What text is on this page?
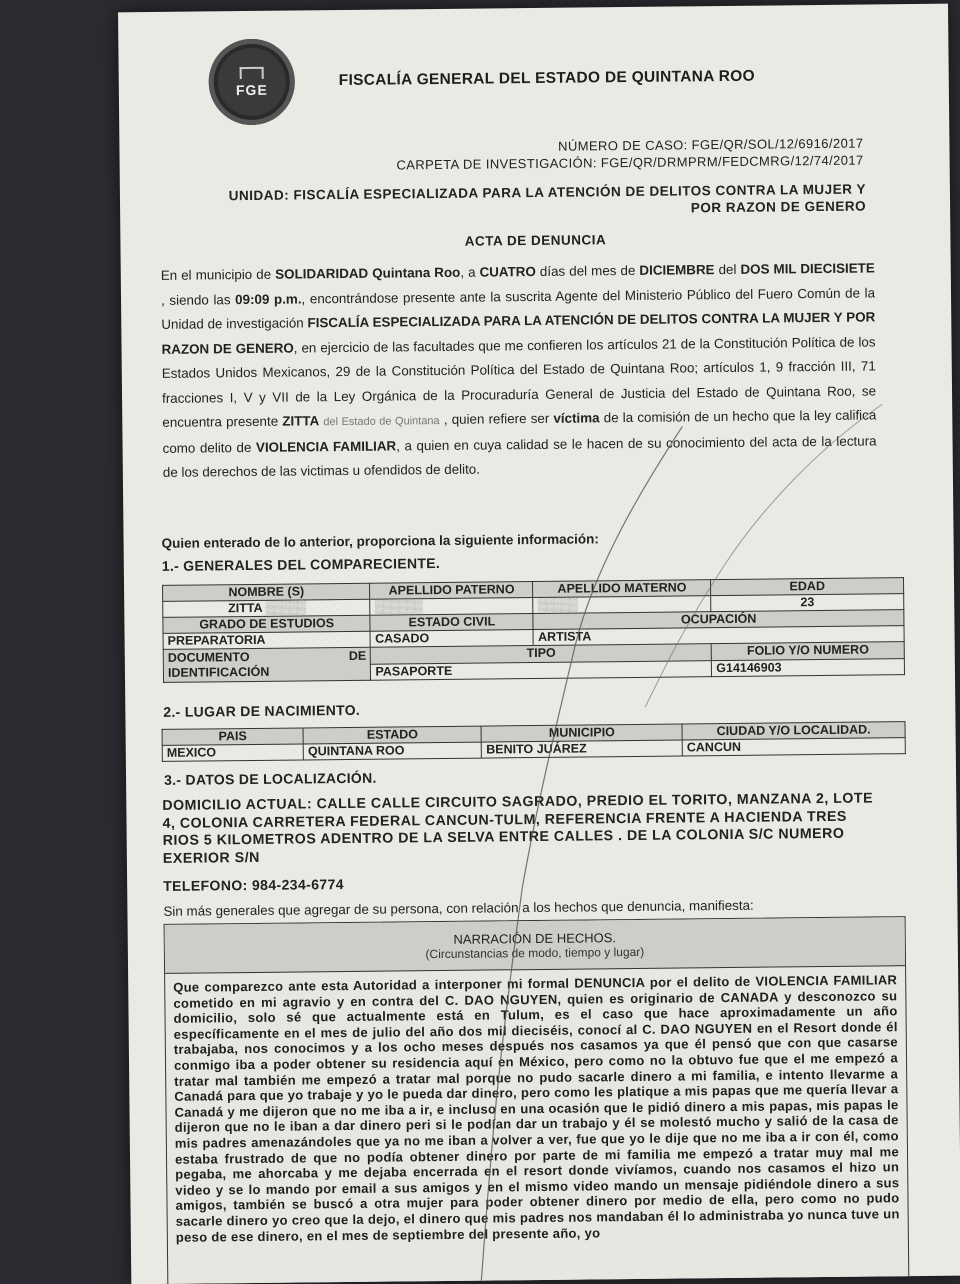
FGE
FISCALÍA GENERAL DEL ESTADO DE QUINTANA ROO
NÚMERO DE CASO: FGE/QR/SOL/12/6916/2017
CARPETA DE INVESTIGACIÓN: FGE/QR/DRMPRM/FEDCMRG/12/74/2017
UNIDAD: FISCALÍA ESPECIALIZADA PARA LA ATENCIÓN DE DELITOS CONTRA LA MUJER Y
POR RAZON DE GENERO
ACTA DE DENUNCIA
En el municipio de SOLIDARIDAD Quintana Roo, a CUATRO días del mes de DICIEMBRE del DOS MIL DIECISIETE , siendo las 09:09 p.m., encontrándose presente ante la suscrita Agente del Ministerio Público del Fuero Común de la Unidad de investigación FISCALÍA ESPECIALIZADA PARA LA ATENCIÓN DE DELITOS CONTRA LA MUJER Y POR RAZON DE GENERO, en ejercicio de las facultades que me confieren los artículos 21 de la Constitución Política de los Estados Unidos Mexicanos, 29 de la Constitución Política del Estado de Quintana Roo; artículos 1, 9 fracción III, 71 fracciones I, V y VII de la Ley Orgánica de la Procuraduría General de Justicia del Estado de Quintana Roo, se encuentra presente ZITTA del Estado de Quintana , quien refiere ser víctima de la comisión de un hecho que la ley califica como delito de VIOLENCIA FAMILIAR, a quien en cuya calidad se le hacen de su conocimiento del acta de la lectura de los derechos de las victimas u ofendidos de delito.
Quien enterado de lo anterior, proporciona la siguiente información:
1.- GENERALES DEL COMPARECIENTE.
NOMBRE (S)	APELLIDO PATERNO	APELLIDO MATERNO	EDAD
ZITTA ▒▒▒▒▒	▒▒▒▒▒▒	▒▒▒▒▒	23
GRADO DE ESTUDIOS	ESTADO CIVIL	OCUPACIÓN	
PREPARATORIA	CASADO	ARTISTA	

DOCUMENTO DE
IDENTIFICACIÓN	TIPO		FOLIO Y/O NUMERO
	PASAPORTE		G14146903
2.- LUGAR DE NACIMIENTO.
PAIS	ESTADO	MUNICIPIO	CIUDAD Y/O LOCALIDAD.
MEXICO	QUINTANA ROO	BENITO JUÁREZ	CANCUN
3.- DATOS DE LOCALIZACIÓN.
DOMICILIO ACTUAL: CALLE CALLE CIRCUITO SAGRADO, PREDIO EL TORITO, MANZANA 2, LOTE 4, COLONIA CARRETERA FEDERAL CANCUN-TULM, REFERENCIA FRENTE A HACIENDA TRES RIOS 5 KILOMETROS ADENTRO DE LA SELVA ENTRE CALLES . DE LA COLONIA S/C NUMERO EXERIOR S/N
TELEFONO: 984-234-6774
Sin más generales que agregar de su persona, con relación a los hechos que denuncia, manifiesta:
NARRACIÓN DE HECHOS.
(Circunstancias de modo, tiempo y lugar)
Que comparezco ante esta Autoridad a interponer mi formal DENUNCIA por el delito de VIOLENCIA FAMILIAR cometido en mi agravio y en contra del C. DAO NGUYEN, quien es originario de CANADA y desconozco su domicilio, solo sé que actualmente está en Tulum, es el caso que hace aproximadamente un año específicamente en el mes de julio del año dos mil dieciséis, conocí al C. DAO NGUYEN en el Resort donde él trabajaba, nos conocimos y a los ocho meses después nos casamos ya que él pensó que con que casarse conmigo iba a poder obtener su residencia aquí en México, pero como no la obtuvo fue que el me empezó a tratar mal también me empezó a tratar mal porque no pudo sacarle dinero a mi familia, e intento llevarme a Canadá para que yo trabaje y yo le pueda dar dinero, pero como les platique a mis papas que me quería llevar a Canadá y me dijeron que no me iba a ir, e incluso en una ocasión que le pidió dinero a mis papas, mis papas le dijeron que no le iban a dar dinero peri si le podían dar un trabajo y él se molestó mucho y salió de la casa de mis padres amenazándoles que ya no me iban a volver a ver, fue que yo le dije que no me iba a ir con él, como estaba frustrado de que no podía obtener dinero por parte de mi familia me empezó a tratar muy mal me pegaba, me ahorcaba y me dejaba encerrada en el resort donde vivíamos, cuando nos casamos el hizo un video y se lo mando por email a sus amigos y en el mismo video mando un mensaje pidiéndole dinero a sus amigos, también se buscó a otra mujer para poder obtener dinero por medio de ella, pero como no pudo sacarle dinero yo creo que la dejo, el dinero que mis padres nos mandaban él lo administraba yo nunca tuve un peso de ese dinero, en el mes de septiembre del presente año, yo
